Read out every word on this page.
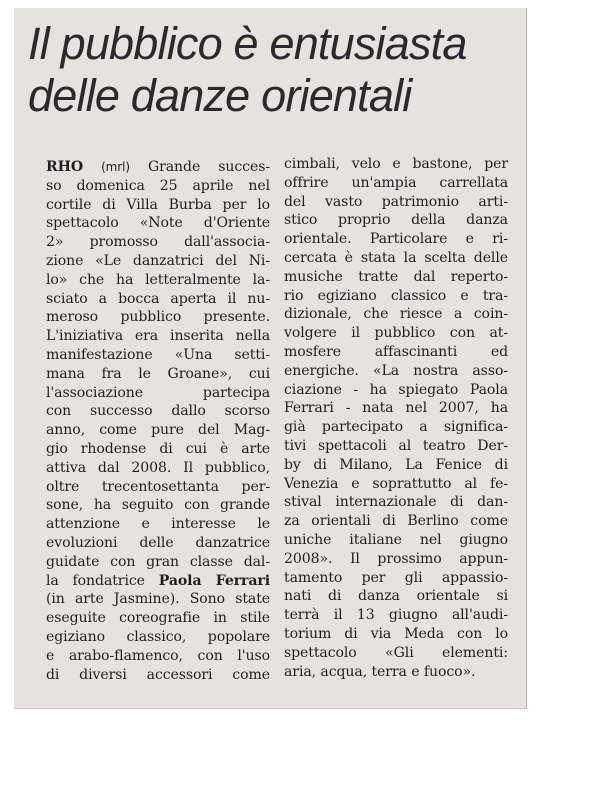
Il pubblico è entusiasta
delle danze orientali
RHO (mrl) Grande succes-
so domenica 25 aprile nel
cortile di Villa Burba per lo
spettacolo «Note d'Oriente
2» promosso dall'associa-
zione «Le danzatrici del Ni-
lo» che ha letteralmente la-
sciato a bocca aperta il nu-
meroso pubblico presente.
L'iniziativa era inserita nella
manifestazione «Una setti-
mana fra le Groane», cui
l'associazione partecipa
con successo dallo scorso
anno, come pure del Mag-
gio rhodense di cui è arte
attiva dal 2008. Il pubblico,
oltre trecentosettanta per-
sone, ha seguito con grande
attenzione e interesse le
evoluzioni delle danzatrice
guidate con gran classe dal-
la fondatrice Paola Ferrari
(in arte Jasmine). Sono state
eseguite coreografie in stile
egiziano classico, popolare
e arabo-flamenco, con l'uso
di diversi accessori come
cimbali, velo e bastone, per
offrire un'ampia carrellata
del vasto patrimonio arti-
stico proprio della danza
orientale. Particolare e ri-
cercata è stata la scelta delle
musiche tratte dal reperto-
rio egiziano classico e tra-
dizionale, che riesce a coin-
volgere il pubblico con at-
mosfere affascinanti ed
energiche. «La nostra asso-
ciazione - ha spiegato Paola
Ferrari - nata nel 2007, ha
già partecipato a significa-
tivi spettacoli al teatro Der-
by di Milano, La Fenice di
Venezia e soprattutto al fe-
stival internazionale di dan-
za orientali di Berlino come
uniche italiane nel giugno
2008». Il prossimo appun-
tamento per gli appassio-
nati di danza orientale si
terrà il 13 giugno all'audi-
torium di via Meda con lo
spettacolo «Gli elementi:
aria, acqua, terra e fuoco».
